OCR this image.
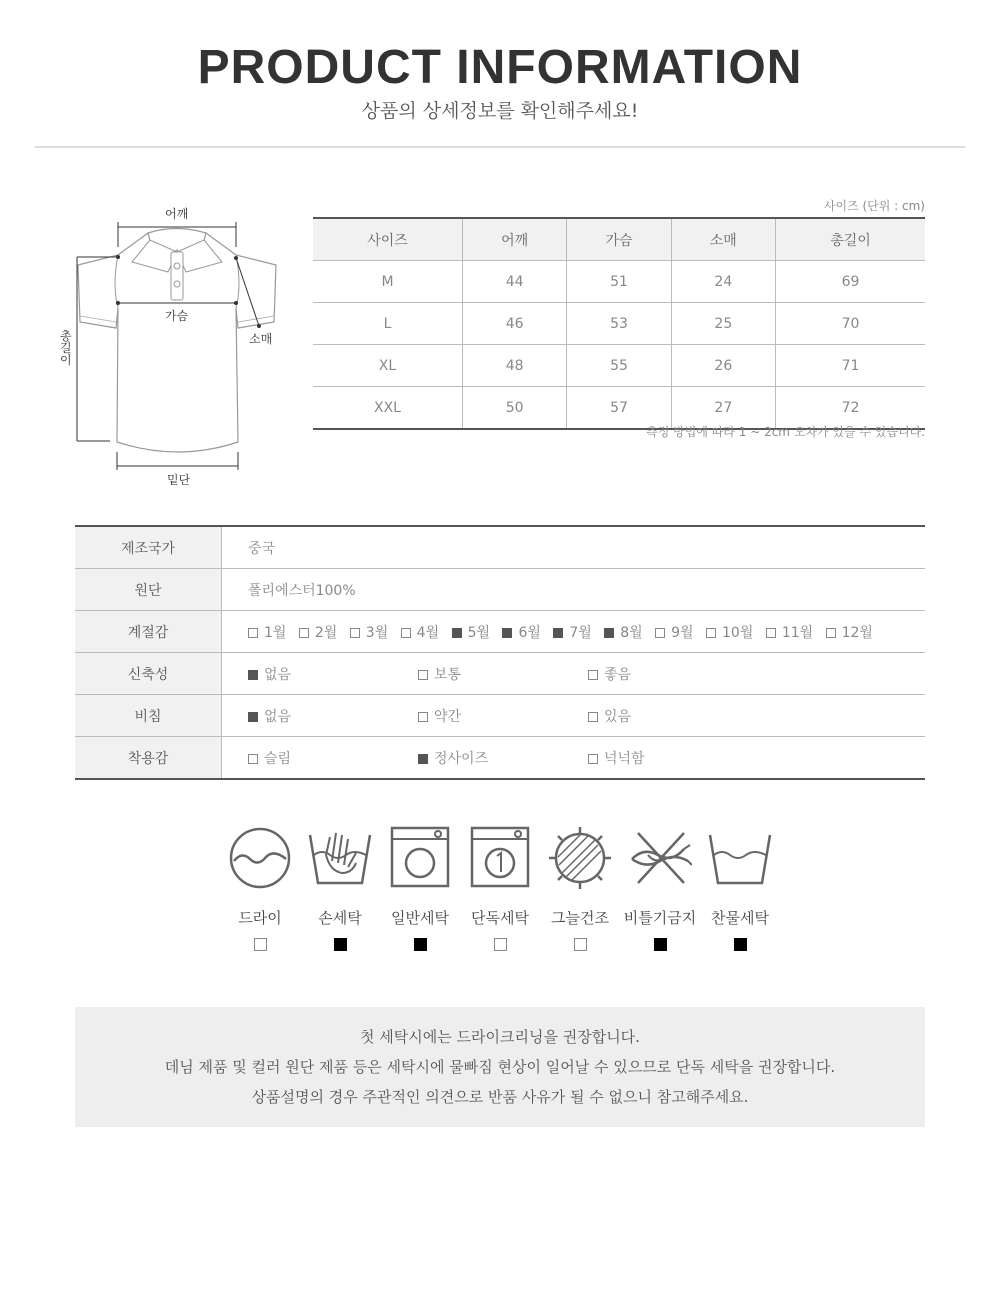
PRODUCT INFORMATION
상품의 상세정보를 확인해주세요!
어깨
가슴
소매
총길이
밑단
사이즈 (단위 : cm)
사이즈	어깨	가슴	소매	총길이
M	44	51	24	69
L	46	53	25	70
XL	48	55	26	71
XXL	50	57	27	72
측정 방법에 따라 1 ~ 2cm 오차가 있을 수 있습니다.
제조국가	중국
원단	폴리에스터100%
계절감	1월 2월 3월 4월 5월 6월 7월 8월 9월 10월 11월 12월
신축성	없음 보통 좋음
비침	없음 약간 있음
착용감	슬림 정사이즈 넉넉함
드라이	손세탁	일반세탁	단독세탁	그늘건조 비틀기금지 찬물세탁

첫 세탁시에는 드라이크리닝을 권장합니다.

데님 제품 및 컬러 원단 제품 등은 세탁시에 물빠짐 현상이 일어날 수 있으므로 단독 세탁을 권장합니다.

상품설명의 경우 주관적인 의견으로 반품 사유가 될 수 없으니 참고해주세요.
